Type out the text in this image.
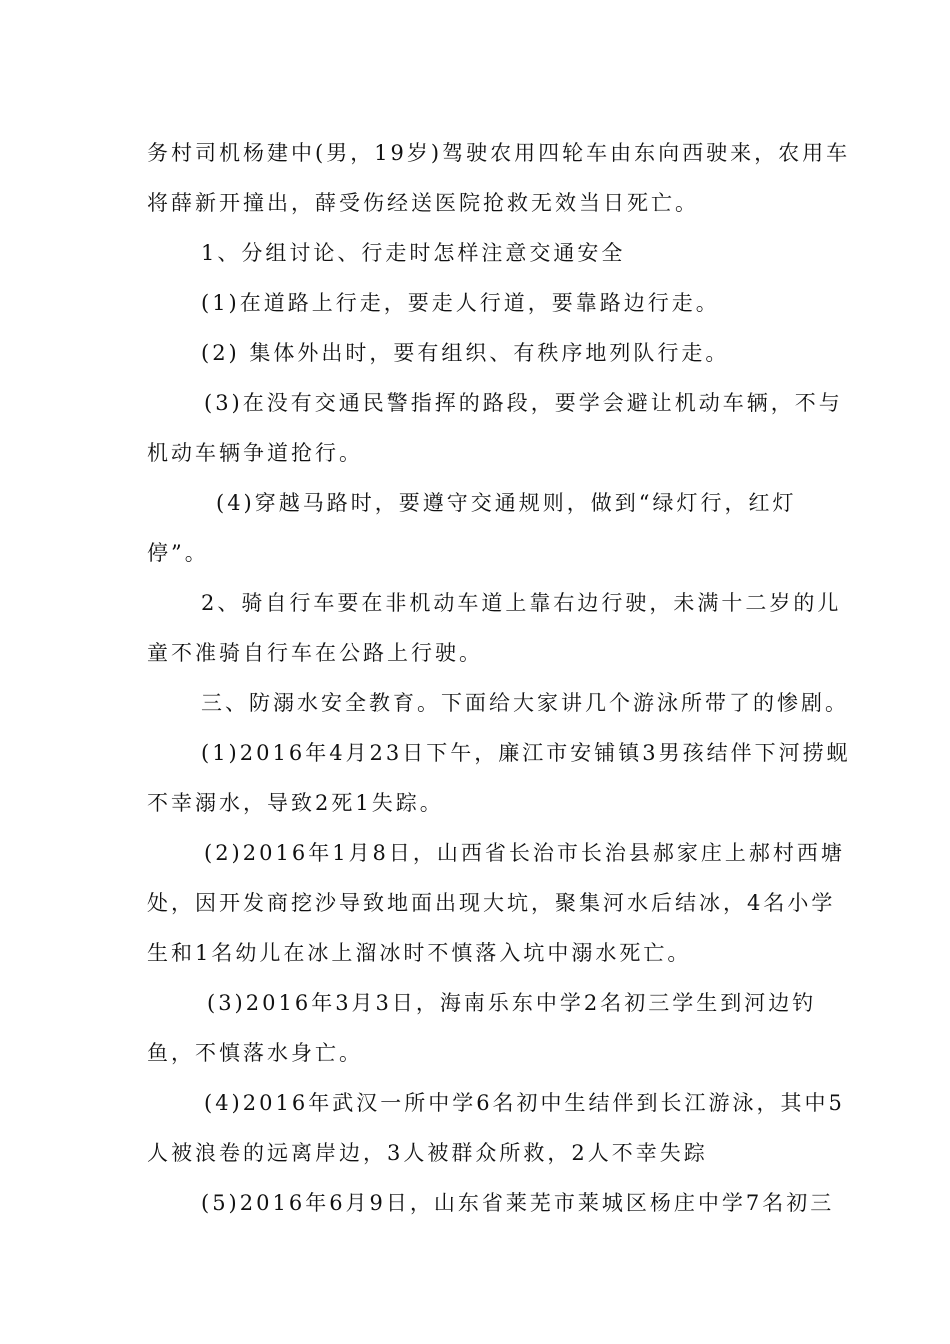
务村司机杨建中(男，19岁)驾驶农用四轮车由东向西驶来，农用车
将薛新开撞出，薛受伤经送医院抢救无效当日死亡。
1、分组讨论、行走时怎样注意交通安全
(1)在道路上行走，要走人行道，要靠路边行走。
(2) 集体外出时，要有组织、有秩序地列队行走。
(3)在没有交通民警指挥的路段，要学会避让机动车辆，不与
机动车辆争道抢行。
(4)穿越马路时，要遵守交通规则，做到“绿灯行，红灯
停”。
2、骑自行车要在非机动车道上靠右边行驶，未满十二岁的儿
童不准骑自行车在公路上行驶。
三、防溺水安全教育。下面给大家讲几个游泳所带了的惨剧。
(1)2016年4月23日下午，廉江市安铺镇3男孩结伴下河捞蚬
不幸溺水，导致2死1失踪。
(2)2016年1月8日，山西省长治市长治县郝家庄上郝村西塘
处，因开发商挖沙导致地面出现大坑，聚集河水后结冰，4名小学
生和1名幼儿在冰上溜冰时不慎落入坑中溺水死亡。
(3)2016年3月3日，海南乐东中学2名初三学生到河边钓
鱼，不慎落水身亡。
(4)2016年武汉一所中学6名初中生结伴到长江游泳，其中5
人被浪卷的远离岸边，3人被群众所救，2人不幸失踪
(5)2016年6月9日，山东省莱芜市莱城区杨庄中学7名初三
